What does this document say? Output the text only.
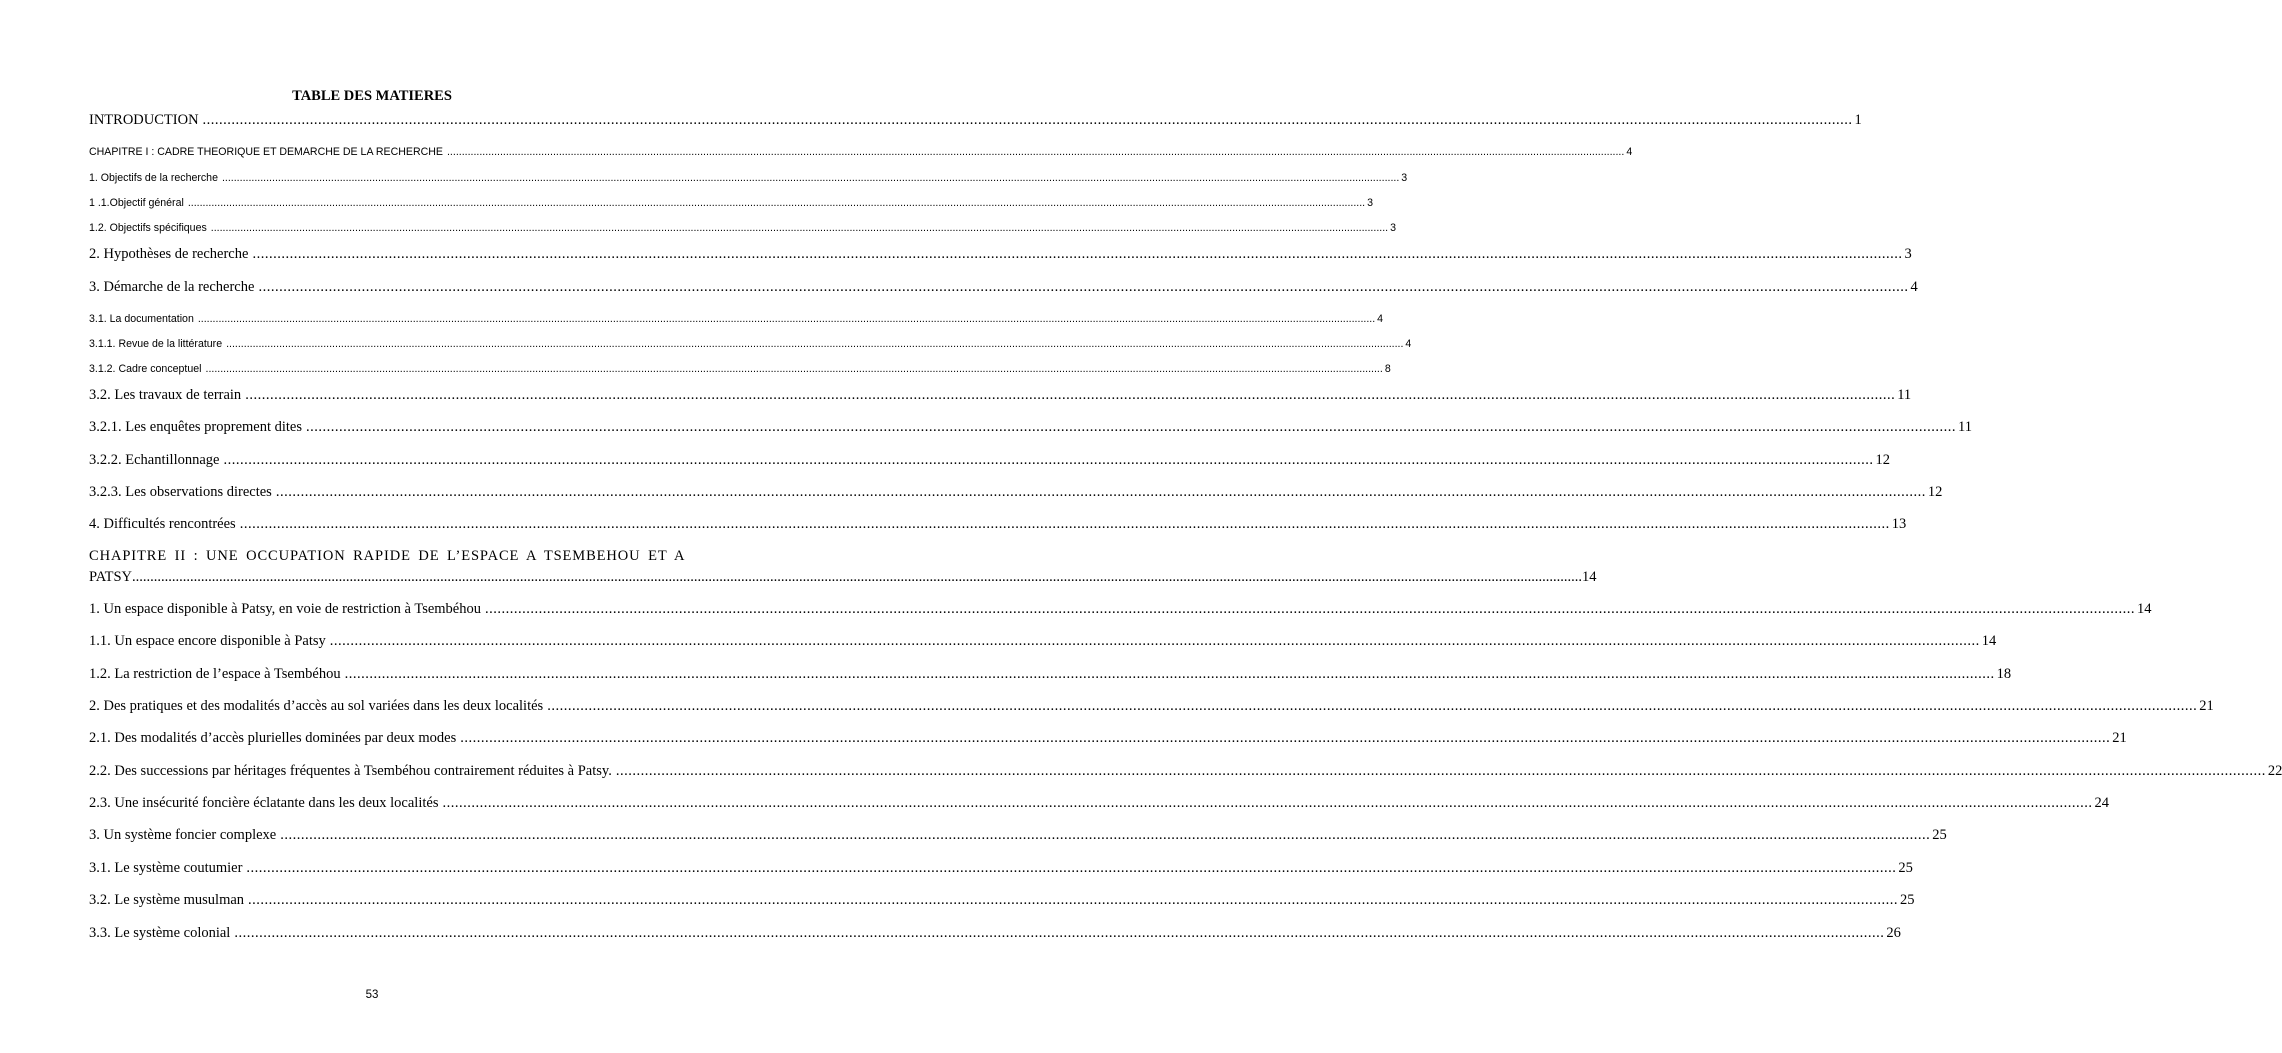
TABLE DES MATIERES
INTRODUCTION ................................................................................................................................................................................................................................................................................................................................................................................................................ 1
CHAPITRE I : CADRE THEORIQUE ET DEMARCHE DE LA RECHERCHE ................................................................................................................................................................................................................................................................................................................................................................................................................ 4
1. Objectifs de la recherche ................................................................................................................................................................................................................................................................................................................................................................................................................ 3
1 .1.Objectif général ................................................................................................................................................................................................................................................................................................................................................................................................................ 3
1.2. Objectifs spécifiques ................................................................................................................................................................................................................................................................................................................................................................................................................ 3
2. Hypothèses de recherche ................................................................................................................................................................................................................................................................................................................................................................................................................ 3
3. Démarche de la recherche ................................................................................................................................................................................................................................................................................................................................................................................................................ 4
3.1. La documentation ................................................................................................................................................................................................................................................................................................................................................................................................................ 4
3.1.1. Revue de la littérature ................................................................................................................................................................................................................................................................................................................................................................................................................ 4
3.1.2. Cadre conceptuel ................................................................................................................................................................................................................................................................................................................................................................................................................ 8
3.2. Les travaux de terrain ................................................................................................................................................................................................................................................................................................................................................................................................................ 11
3.2.1. Les enquêtes proprement dites ................................................................................................................................................................................................................................................................................................................................................................................................................ 11
3.2.2. Echantillonnage ................................................................................................................................................................................................................................................................................................................................................................................................................ 12
3.2.3. Les observations directes ................................................................................................................................................................................................................................................................................................................................................................................................................ 12
4. Difficultés rencontrées ................................................................................................................................................................................................................................................................................................................................................................................................................ 13
CHAPITRE II : UNE OCCUPATION RAPIDE DE L’ESPACE A TSEMBEHOU ET A
PATSY ................................................................................................................................................................................................................................................................................................................................................................................................................ 14
1. Un espace disponible à Patsy, en voie de restriction à Tsembéhou ................................................................................................................................................................................................................................................................................................................................................................................................................ 14
1.1. Un espace encore disponible à Patsy ................................................................................................................................................................................................................................................................................................................................................................................................................ 14
1.2. La restriction de l’espace à Tsembéhou ................................................................................................................................................................................................................................................................................................................................................................................................................ 18
2. Des pratiques et des modalités d’accès au sol variées dans les deux localités ................................................................................................................................................................................................................................................................................................................................................................................................................ 21
2.1. Des modalités d’accès plurielles dominées par deux modes ................................................................................................................................................................................................................................................................................................................................................................................................................ 21
2.2. Des successions par héritages fréquentes à Tsembéhou contrairement réduites à Patsy. ................................................................................................................................................................................................................................................................................................................................................................................................................ 22
2.3. Une insécurité foncière éclatante dans les deux localités ................................................................................................................................................................................................................................................................................................................................................................................................................ 24
3. Un système foncier complexe ................................................................................................................................................................................................................................................................................................................................................................................................................ 25
3.1. Le système coutumier ................................................................................................................................................................................................................................................................................................................................................................................................................ 25
3.2. Le système musulman ................................................................................................................................................................................................................................................................................................................................................................................................................ 25
3.3. Le système colonial ................................................................................................................................................................................................................................................................................................................................................................................................................ 26
53
